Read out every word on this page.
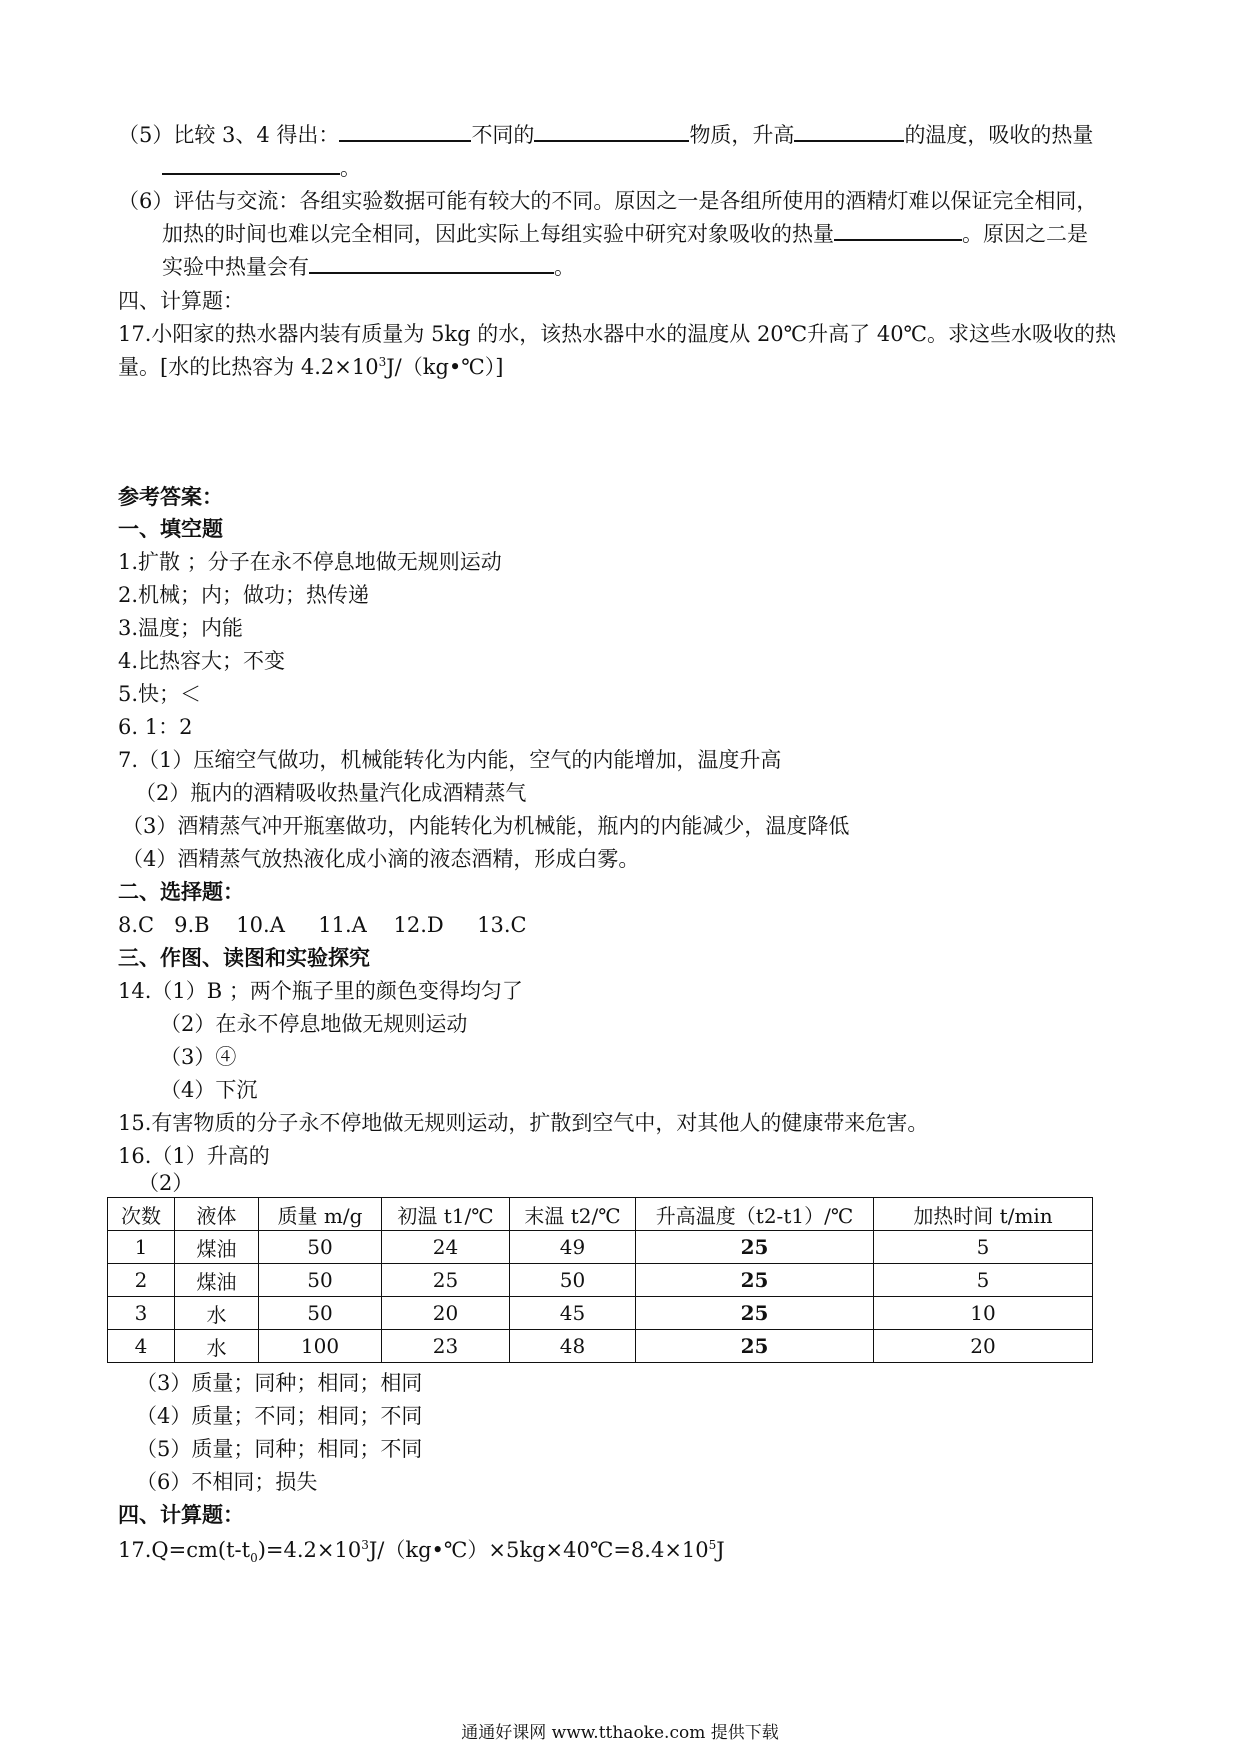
（5）比较 3、4 得出：	不同的	物质，升高	的温度，吸收的热量
。
（6）评估与交流：各组实验数据可能有较大的不同。原因之一是各组所使用的酒精灯难以保证完全相同，
加热的时间也难以完全相同，因此实际上每组实验中研究对象吸收的热量	。原因之二是
实验中热量会有	。
四、计算题：
17.小阳家的热水器内装有质量为 5kg 的水，该热水器中水的温度从 20℃升高了 40℃。求这些水吸收的热
量。[水的比热容为 $4.2\times 10^3J/(kg•℃)$]
参考答案：
一、填空题
1.扩散 ；分子在永不停息地做无规则运动
2.机械；内；做功；热传递
3.温度；内能
4.比热容大；不变
5.快；＜
6. 1：2
7.（1）压缩空气做功，机械能转化为内能，空气的内能增加，温度升高
（2）瓶内的酒精吸收热量汽化成酒精蒸气
（3）酒精蒸气冲开瓶塞做功，内能转化为机械能，瓶内的内能减少，温度降低
（4）酒精蒸气放热液化成小滴的液态酒精，形成白雾。
二、选择题：
8.C   9.B    10.A     11.A    12.D     13.C
三、作图、读图和实验探究
14.（1）B ；两个瓶子里的颜色变得均匀了
（2）在永不停息地做无规则运动
（3）④
（4）下沉
15.有害物质的分子永不停地做无规则运动，扩散到空气中，对其他人的健康带来危害。
16.（1）升高的
（2）
次数	液体	质量 m/g	初温 t1/℃	末温 t2/℃	升高温度（t2-t1）/℃	加热时间 t/min
1	煤油	50	24	49	25	5
2	煤油	50	25	50	25	5
3	水	50	20	45	25	10
4	水	100	23	48	25	20
（3）质量；同种；相同；相同
（4）质量；不同；相同；不同
（5）质量；同种；相同；不同
（6）不相同；损失
四、计算题：
$17.Q=cm(t-t_0)=4.2\times 10^3J/(kg•℃)\times 5kg\times 40℃=8.4\times 10^5J$
通通好课网 www.tthaoke.com 提供下载
